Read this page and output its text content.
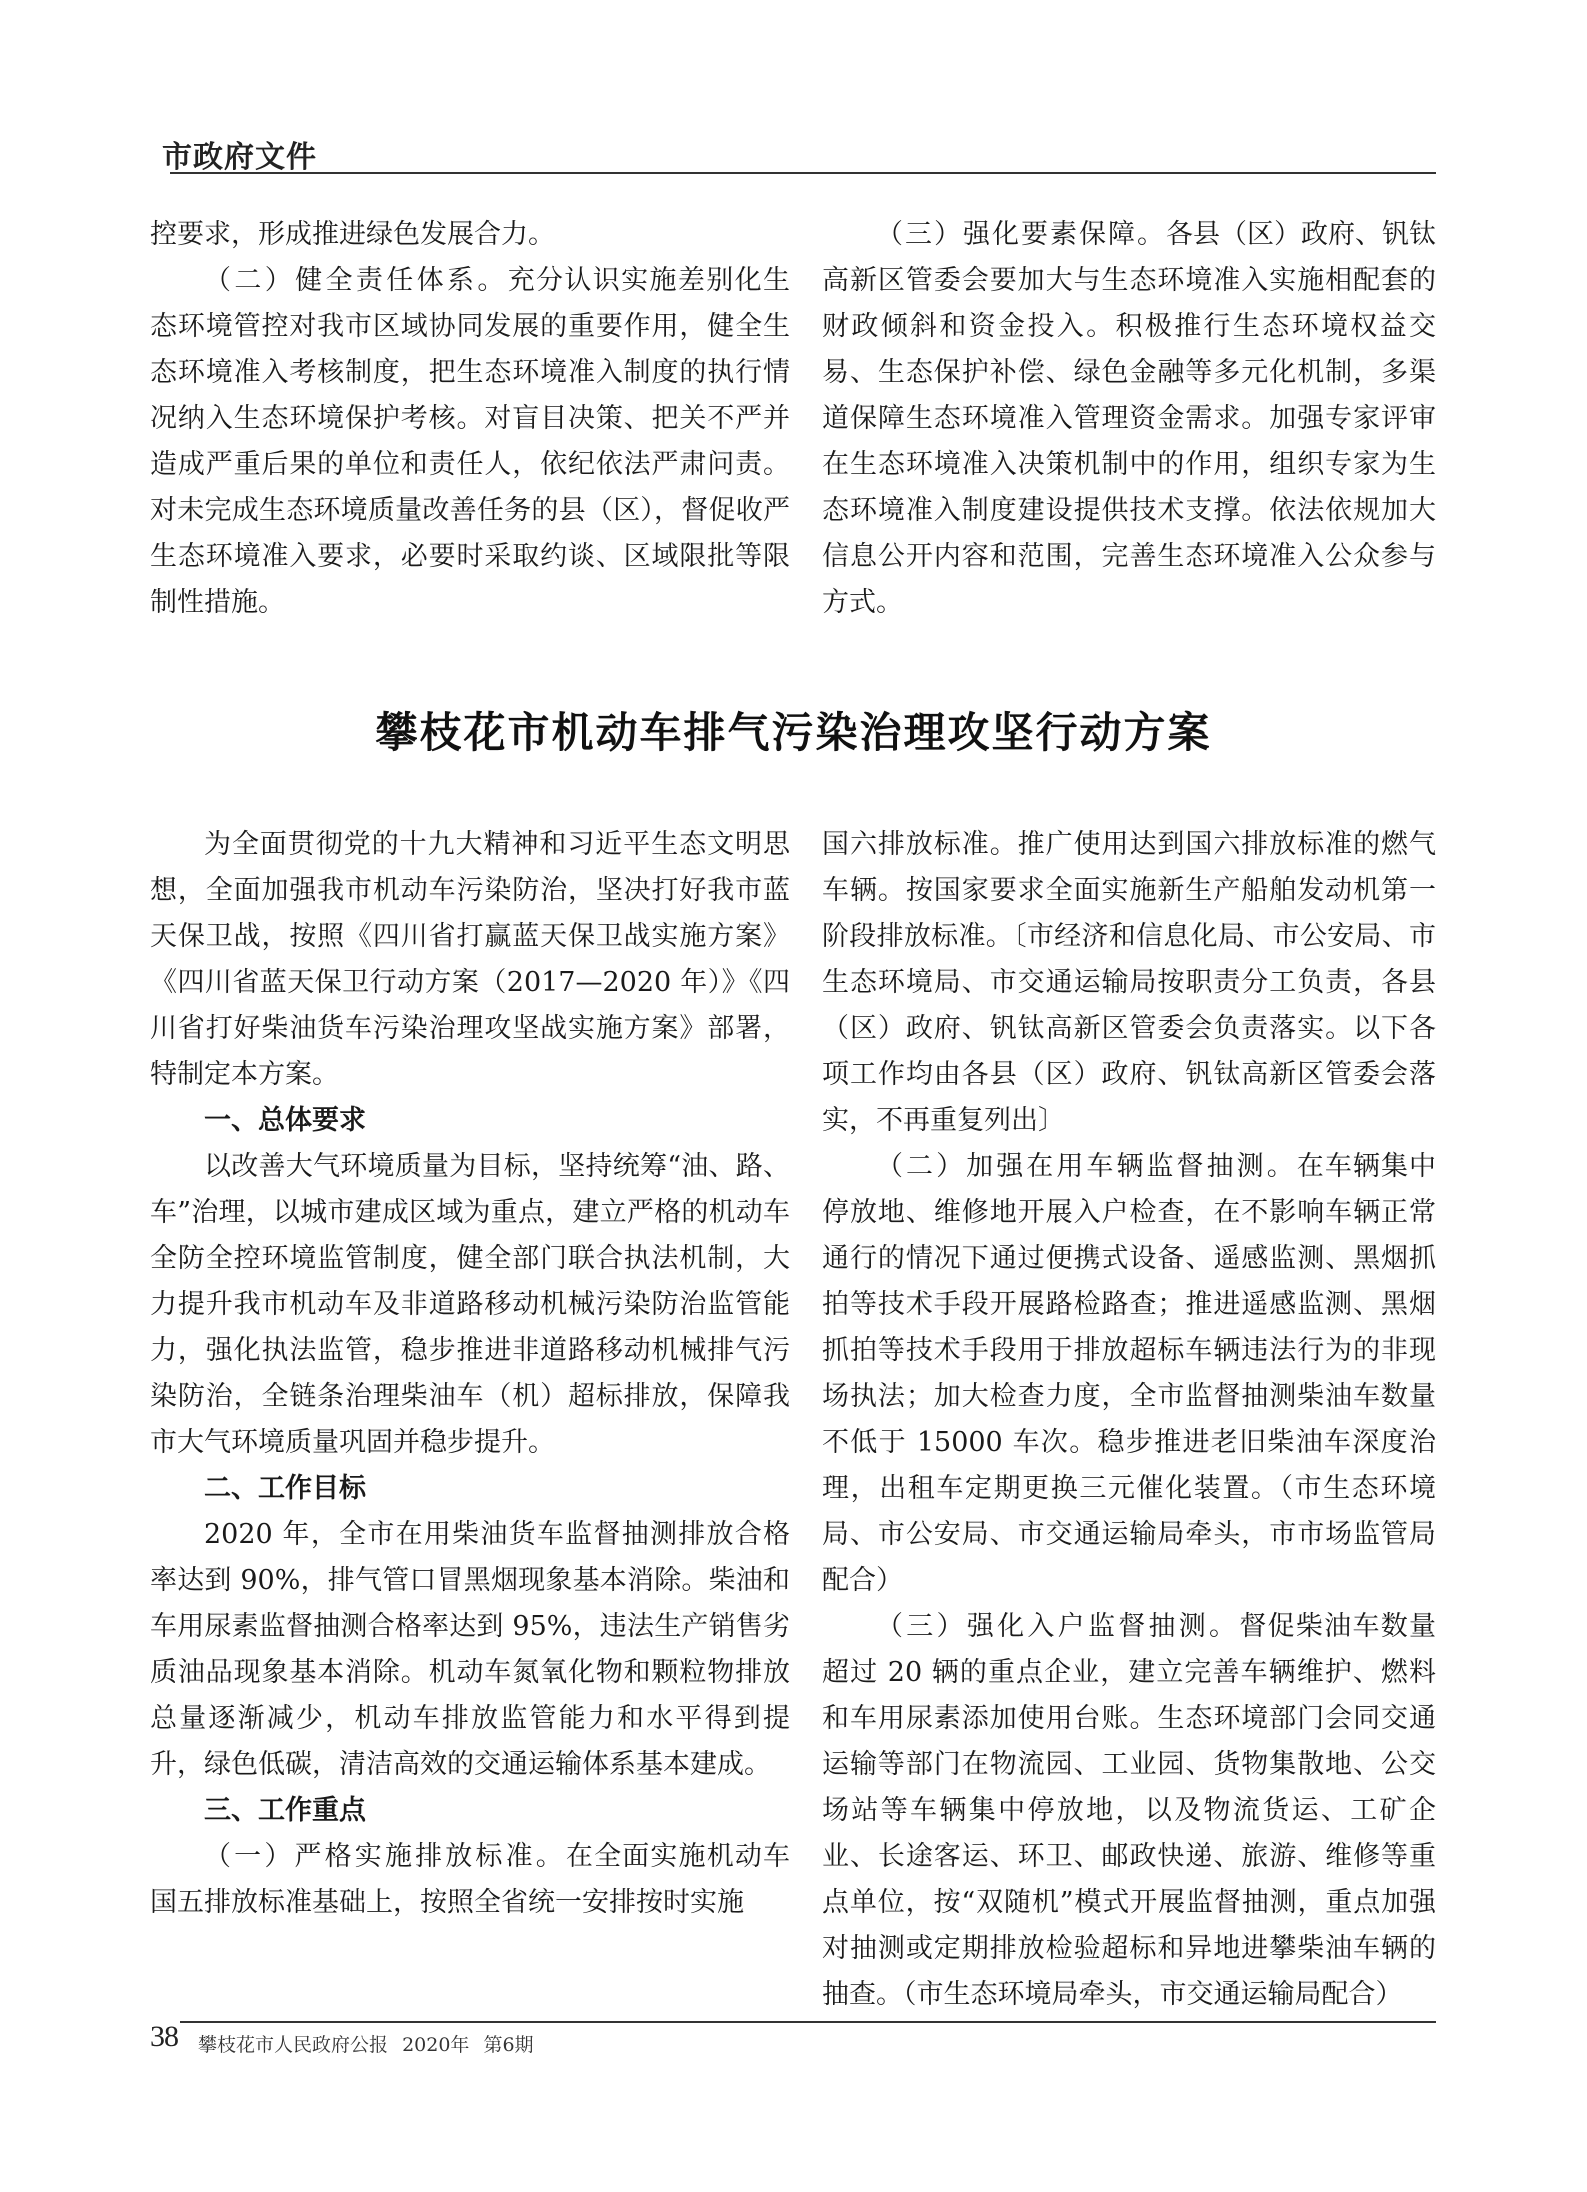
市政府文件

控要求，形成推进绿色发展合力。

（二）健全责任体系。充分认识实施差别化生态环境管控对我市区域协同发展的重要作用，健全生态环境准入考核制度，把生态环境准入制度的执行情况纳入生态环境保护考核。对盲目决策、把关不严并造成严重后果的单位和责任人，依纪依法严肃问责。对未完成生态环境质量改善任务的县（区），督促收严生态环境准入要求，必要时采取约谈、区域限批等限制性措施。

（三）强化要素保障。各县（区）政府、钒钛高新区管委会要加大与生态环境准入实施相配套的财政倾斜和资金投入。积极推行生态环境权益交易、生态保护补偿、绿色金融等多元化机制，多渠道保障生态环境准入管理资金需求。加强专家评审在生态环境准入决策机制中的作用，组织专家为生态环境准入制度建设提供技术支撑。依法依规加大信息公开内容和范围，完善生态环境准入公众参与方式。

攀枝花市机动车排气污染治理攻坚行动方案

为全面贯彻党的十九大精神和习近平生态文明思想，全面加强我市机动车污染防治，坚决打好我市蓝天保卫战，按照《四川省打赢蓝天保卫战实施方案》《四川省蓝天保卫行动方案（2017—2020 年）》《四川省打好柴油货车污染治理攻坚战实施方案》部署，特制定本方案。

一、总体要求

以改善大气环境质量为目标，坚持统筹“油、路、车”治理，以城市建成区域为重点，建立严格的机动车全防全控环境监管制度，健全部门联合执法机制，大力提升我市机动车及非道路移动机械污染防治监管能力，强化执法监管，稳步推进非道路移动机械排气污染防治，全链条治理柴油车（机）超标排放，保障我市大气环境质量巩固并稳步提升。

二、工作目标

2020 年，全市在用柴油货车监督抽测排放合格率达到 90%，排气管口冒黑烟现象基本消除。柴油和车用尿素监督抽测合格率达到 95%，违法生产销售劣质油品现象基本消除。机动车氮氧化物和颗粒物排放总量逐渐减少，机动车排放监管能力和水平得到提升，绿色低碳，清洁高效的交通运输体系基本建成。

三、工作重点

（一）严格实施排放标准。在全面实施机动车国五排放标准基础上，按照全省统一安排按时实施

国六排放标准。推广使用达到国六排放标准的燃气车辆。按国家要求全面实施新生产船舶发动机第一阶段排放标准。〔市经济和信息化局、市公安局、市生态环境局、市交通运输局按职责分工负责，各县（区）政府、钒钛高新区管委会负责落实。以下各项工作均由各县（区）政府、钒钛高新区管委会落实，不再重复列出〕

（二）加强在用车辆监督抽测。在车辆集中停放地、维修地开展入户检查，在不影响车辆正常通行的情况下通过便携式设备、遥感监测、黑烟抓拍等技术手段开展路检路查；推进遥感监测、黑烟抓拍等技术手段用于排放超标车辆违法行为的非现场执法；加大检查力度，全市监督抽测柴油车数量不低于 15000 车次。稳步推进老旧柴油车深度治理，出租车定期更换三元催化装置。（市生态环境局、市公安局、市交通运输局牵头，市市场监管局配合）

（三）强化入户监督抽测。督促柴油车数量超过 20 辆的重点企业，建立完善车辆维护、燃料和车用尿素添加使用台账。生态环境部门会同交通运输等部门在物流园、工业园、货物集散地、公交场站等车辆集中停放地，以及物流货运、工矿企业、长途客运、环卫、邮政快递、旅游、维修等重点单位，按“双随机”模式开展监督抽测，重点加强对抽测或定期排放检验超标和异地进攀柴油车辆的抽查。（市生态环境局牵头，市交通运输局配合）

38 攀枝花市人民政府公报 2020年 第6期
